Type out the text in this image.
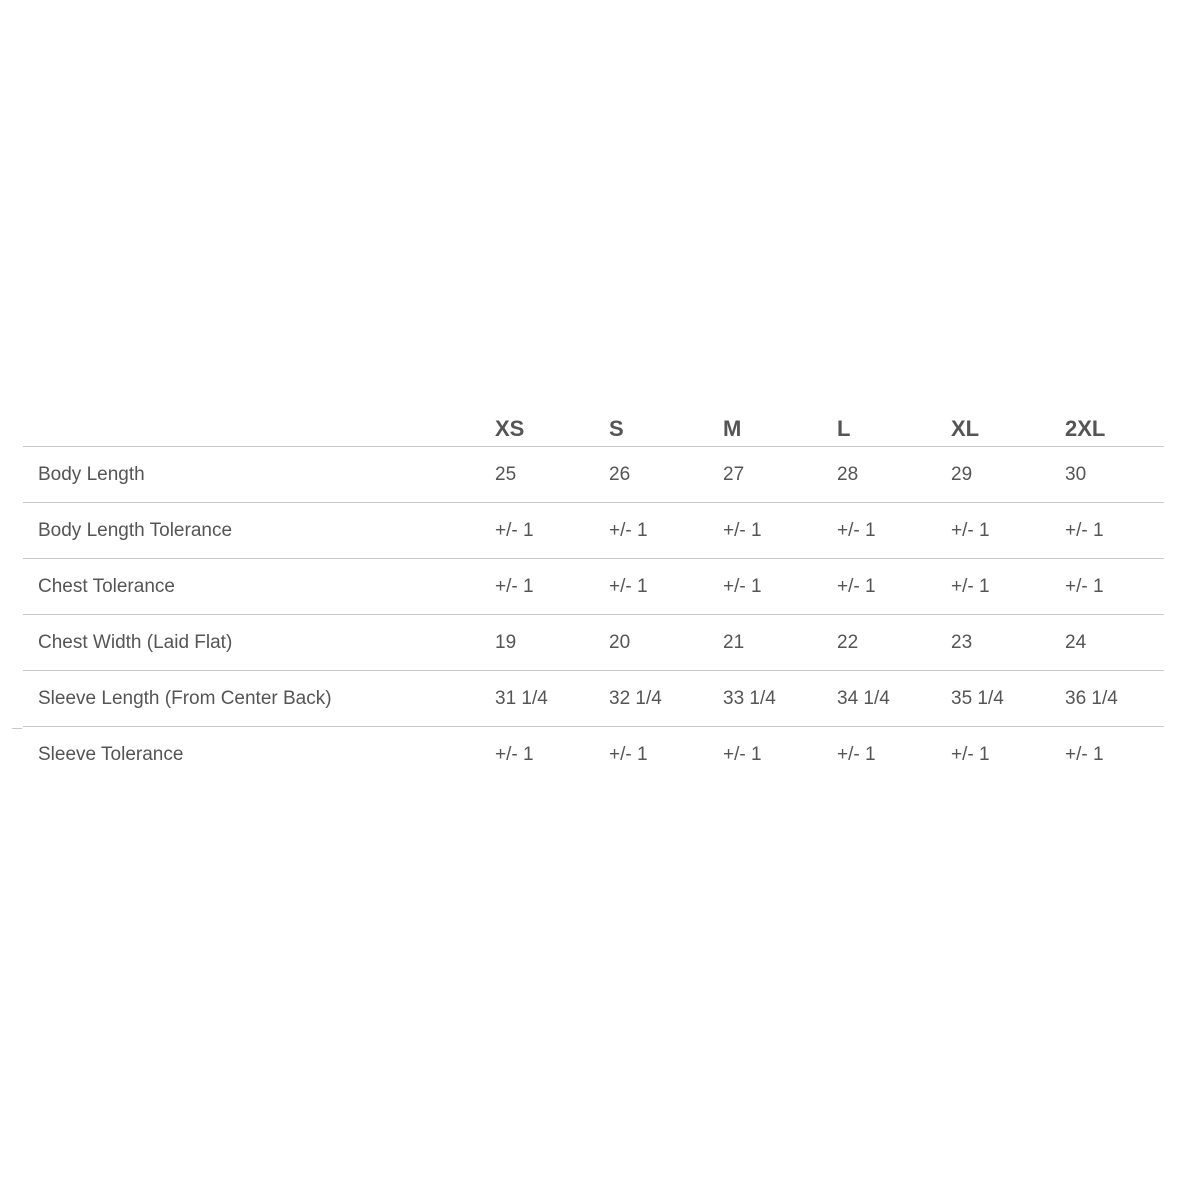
XS	S	M	L	XL	2XL
Body Length	25	26	27	28	29	30
Body Length Tolerance	+/- 1	+/- 1	+/- 1	+/- 1	+/- 1	+/- 1
Chest Tolerance	+/- 1	+/- 1	+/- 1	+/- 1	+/- 1	+/- 1
Chest Width (Laid Flat)	19	20	21	22	23	24
Sleeve Length (From Center Back)	31 1/4	32 1/4	33 1/4	34 1/4	35 1/4	36 1/4
Sleeve Tolerance	+/- 1	+/- 1	+/- 1	+/- 1	+/- 1	+/- 1
